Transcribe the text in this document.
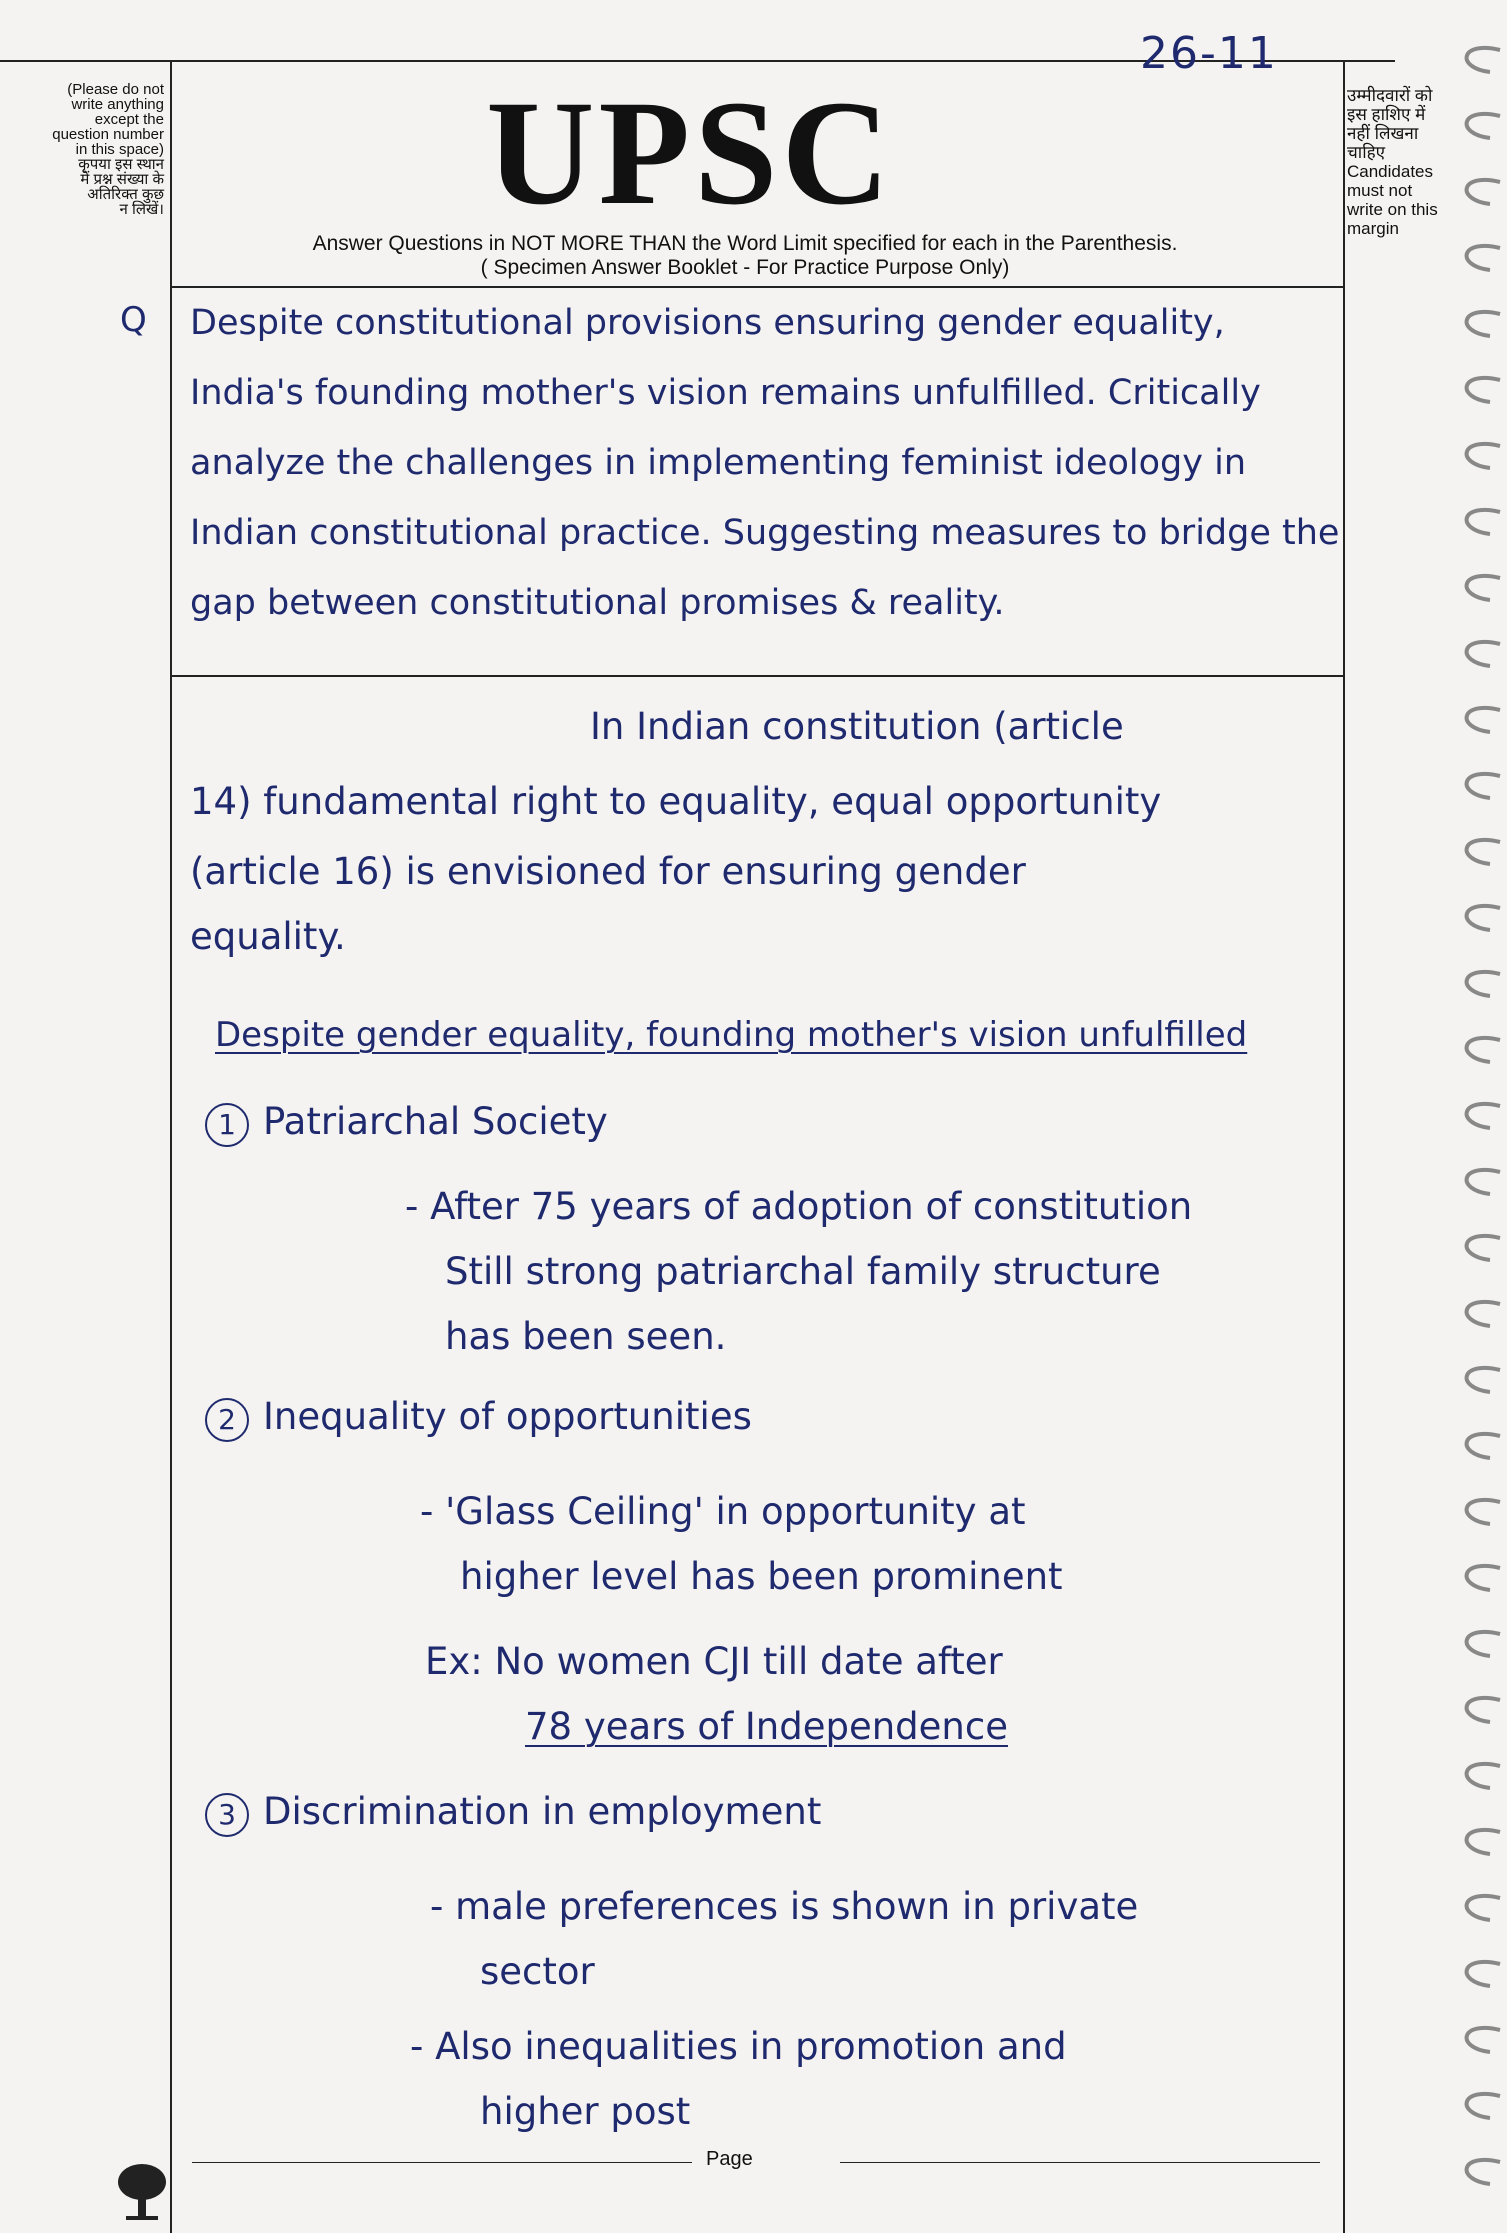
26-11
(Please do not
write anything
except the
question number
in this space)
कृपया इस स्थान
में प्रश्न संख्या के
अतिरिक्त कुछ
न लिखें।
उम्मीदवारों को
इस हाशिए में
नहीं लिखना
चाहिए
Candidates
must not
write on this
margin
UPSC
Answer Questions in NOT MORE THAN the Word Limit specified for each in the Parenthesis.
( Specimen Answer Booklet - For Practice Purpose Only)
Q Despite constitutional provisions ensuring gender equality, India's founding mother's vision remains unfulfilled. Critically analyze the challenges in implementing feminist ideology in Indian constitutional practice. Suggesting measures to bridge the gap between constitutional promises & reality.
In Indian constitution (article
14) fundamental right to equality, equal opportunity
(article 16) is envisioned for ensuring gender
equality.
Despite gender equality, founding mother's vision unfulfilled
1 Patriarchal Society
- After 75 years of adoption of constitution
Still strong patriarchal family structure
has been seen.
2 Inequality of opportunities
- 'Glass Ceiling' in opportunity at
higher level has been prominent
Ex: No women CJI till date after
78 years of Independence
3 Discrimination in employment
- male preferences is shown in private
sector
- Also inequalities in promotion and
higher post
Page
